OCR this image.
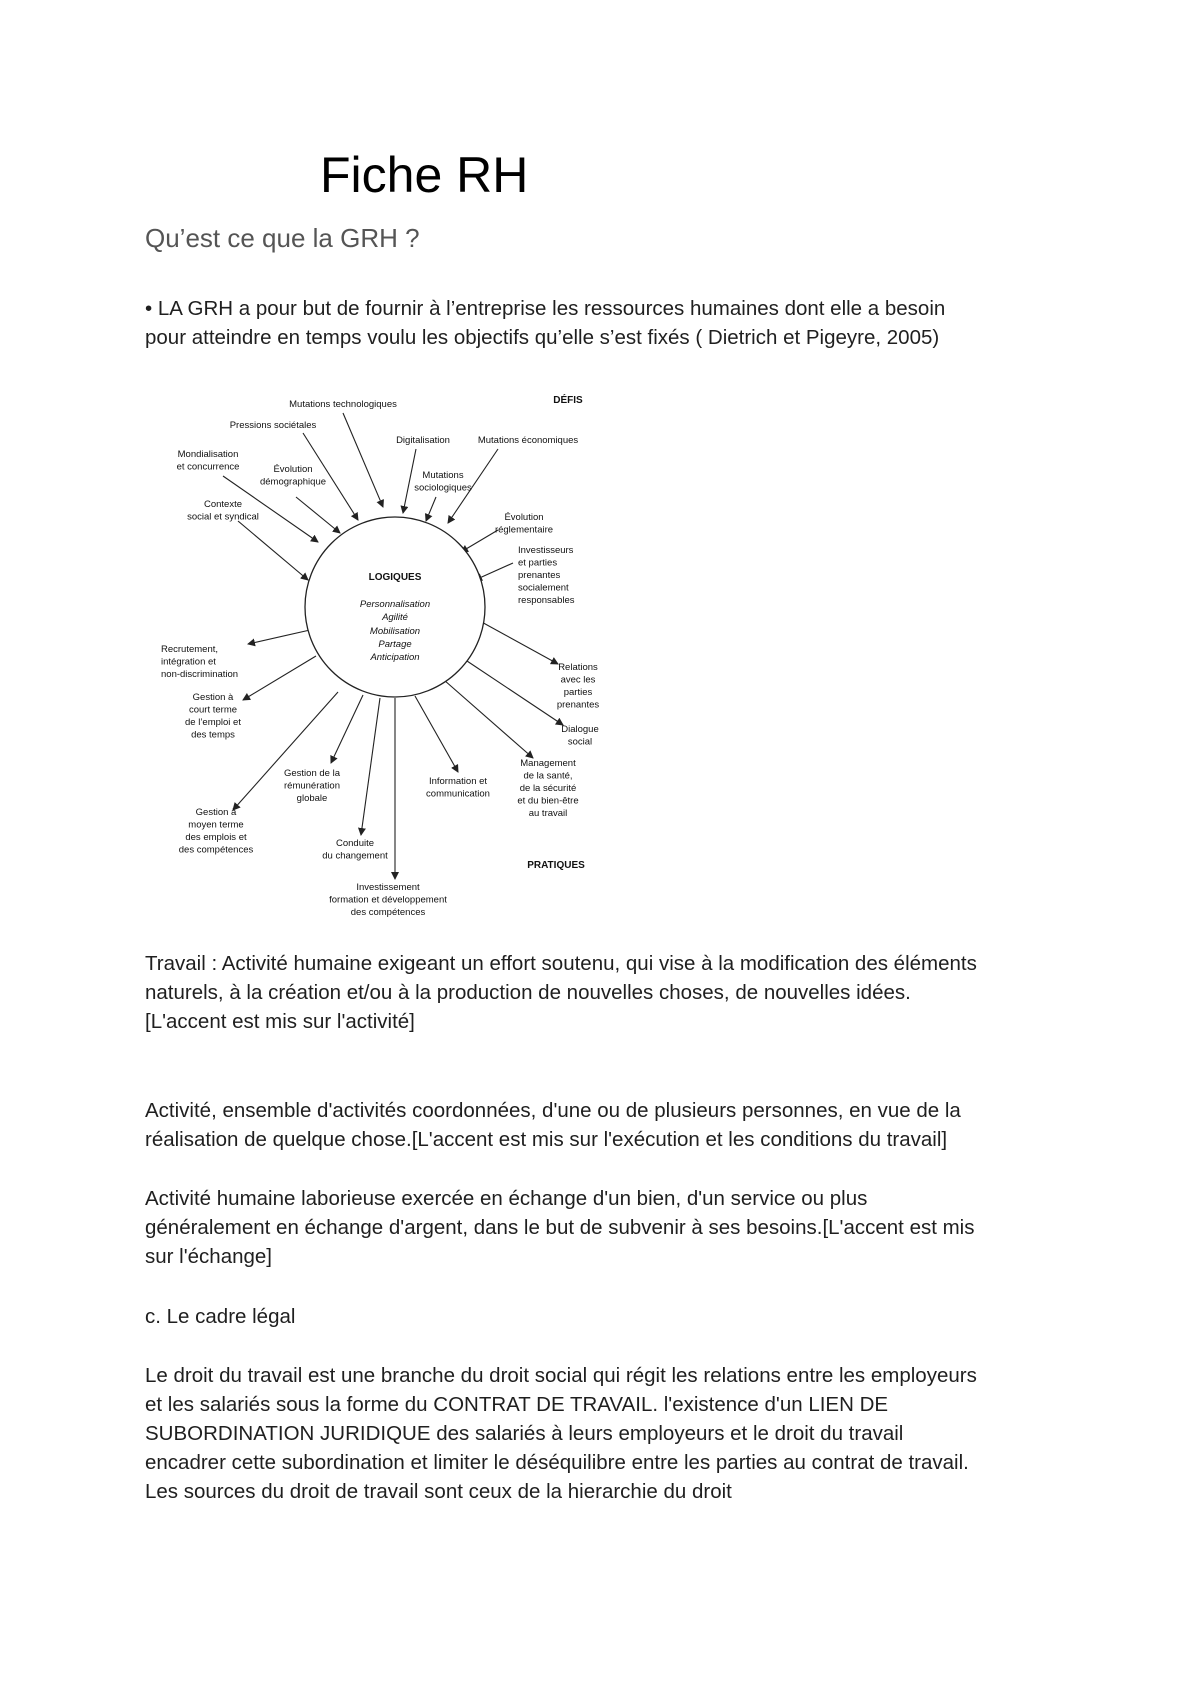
Fiche RH
Qu’est ce que la GRH ?
• LA GRH a pour but de fournir à l’entreprise les ressources humaines dont elle a besoin
pour atteindre en temps voulu les objectifs qu’elle s’est fixés ( Dietrich et Pigeyre, 2005)
LOGIQUES
Personnalisation
Agilité
Mobilisation
Partage
Anticipation
DÉFIS
PRATIQUES
Mutations technologiques
Pressions sociétales
Digitalisation	Mutations économiques
Mondialisation
et concurrence	Évolution
démographique
Mutations
sociologiques
Contexte
social et syndical	Évolution
réglementaire
Investisseurs
et parties
prenantes
socialement
responsables
Recrutement,
intégration et
non-discrimination
Gestion à
court terme
de l’emploi et
des temps
Gestion à
moyen terme
des emplois et
des compétences
Gestion de la
rémunération
globale
Conduite
du changement
Investissement
formation et développement
des compétences
Information et
communication
Management
de la santé,
de la sécurité
et du bien-être
au travail
Dialogue
social
Relations
avec les
parties
prenantes
Travail : Activité humaine exigeant un effort soutenu, qui vise à la modification des éléments
naturels, à la création et/ou à la production de nouvelles choses, de nouvelles idées.
[L'accent est mis sur l'activité]
Activité, ensemble d'activités coordonnées, d'une ou de plusieurs personnes, en vue de la
réalisation de quelque chose.[L'accent est mis sur l'exécution et les conditions du travail]
Activité humaine laborieuse exercée en échange d'un bien, d'un service ou plus
généralement en échange d'argent, dans le but de subvenir à ses besoins.[L'accent est mis
sur l'échange]
c. Le cadre légal
Le droit du travail est une branche du droit social qui régit les relations entre les employeurs
et les salariés sous la forme du CONTRAT DE TRAVAIL. l'existence d'un LIEN DE
SUBORDINATION JURIDIQUE des salariés à leurs employeurs et le droit du travail
encadrer cette subordination et limiter le déséquilibre entre les parties au contrat de travail.
Les sources du droit de travail sont ceux de la hierarchie du droit
